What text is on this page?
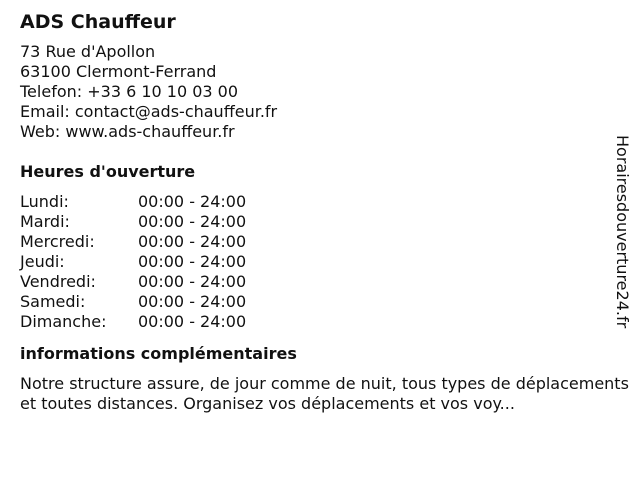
ADS Chauffeur
73 Rue d'Apollon
63100 Clermont-Ferrand
Telefon: +33 6 10 10 03 00
Email: contact@ads-chauffeur.fr
Web: www.ads-chauffeur.fr
Heures d'ouverture
Lundi:	00:00 - 24:00
Mardi:	00:00 - 24:00
Mercredi:	00:00 - 24:00
Jeudi:	00:00 - 24:00
Vendredi:	00:00 - 24:00
Samedi:	00:00 - 24:00
Dimanche:	00:00 - 24:00
informations complémentaires
Notre structure assure, de jour comme de nuit, tous types de déplacements et toutes distances. Organisez vos déplacements et vos voy...
Horairesdouverture24.fr
